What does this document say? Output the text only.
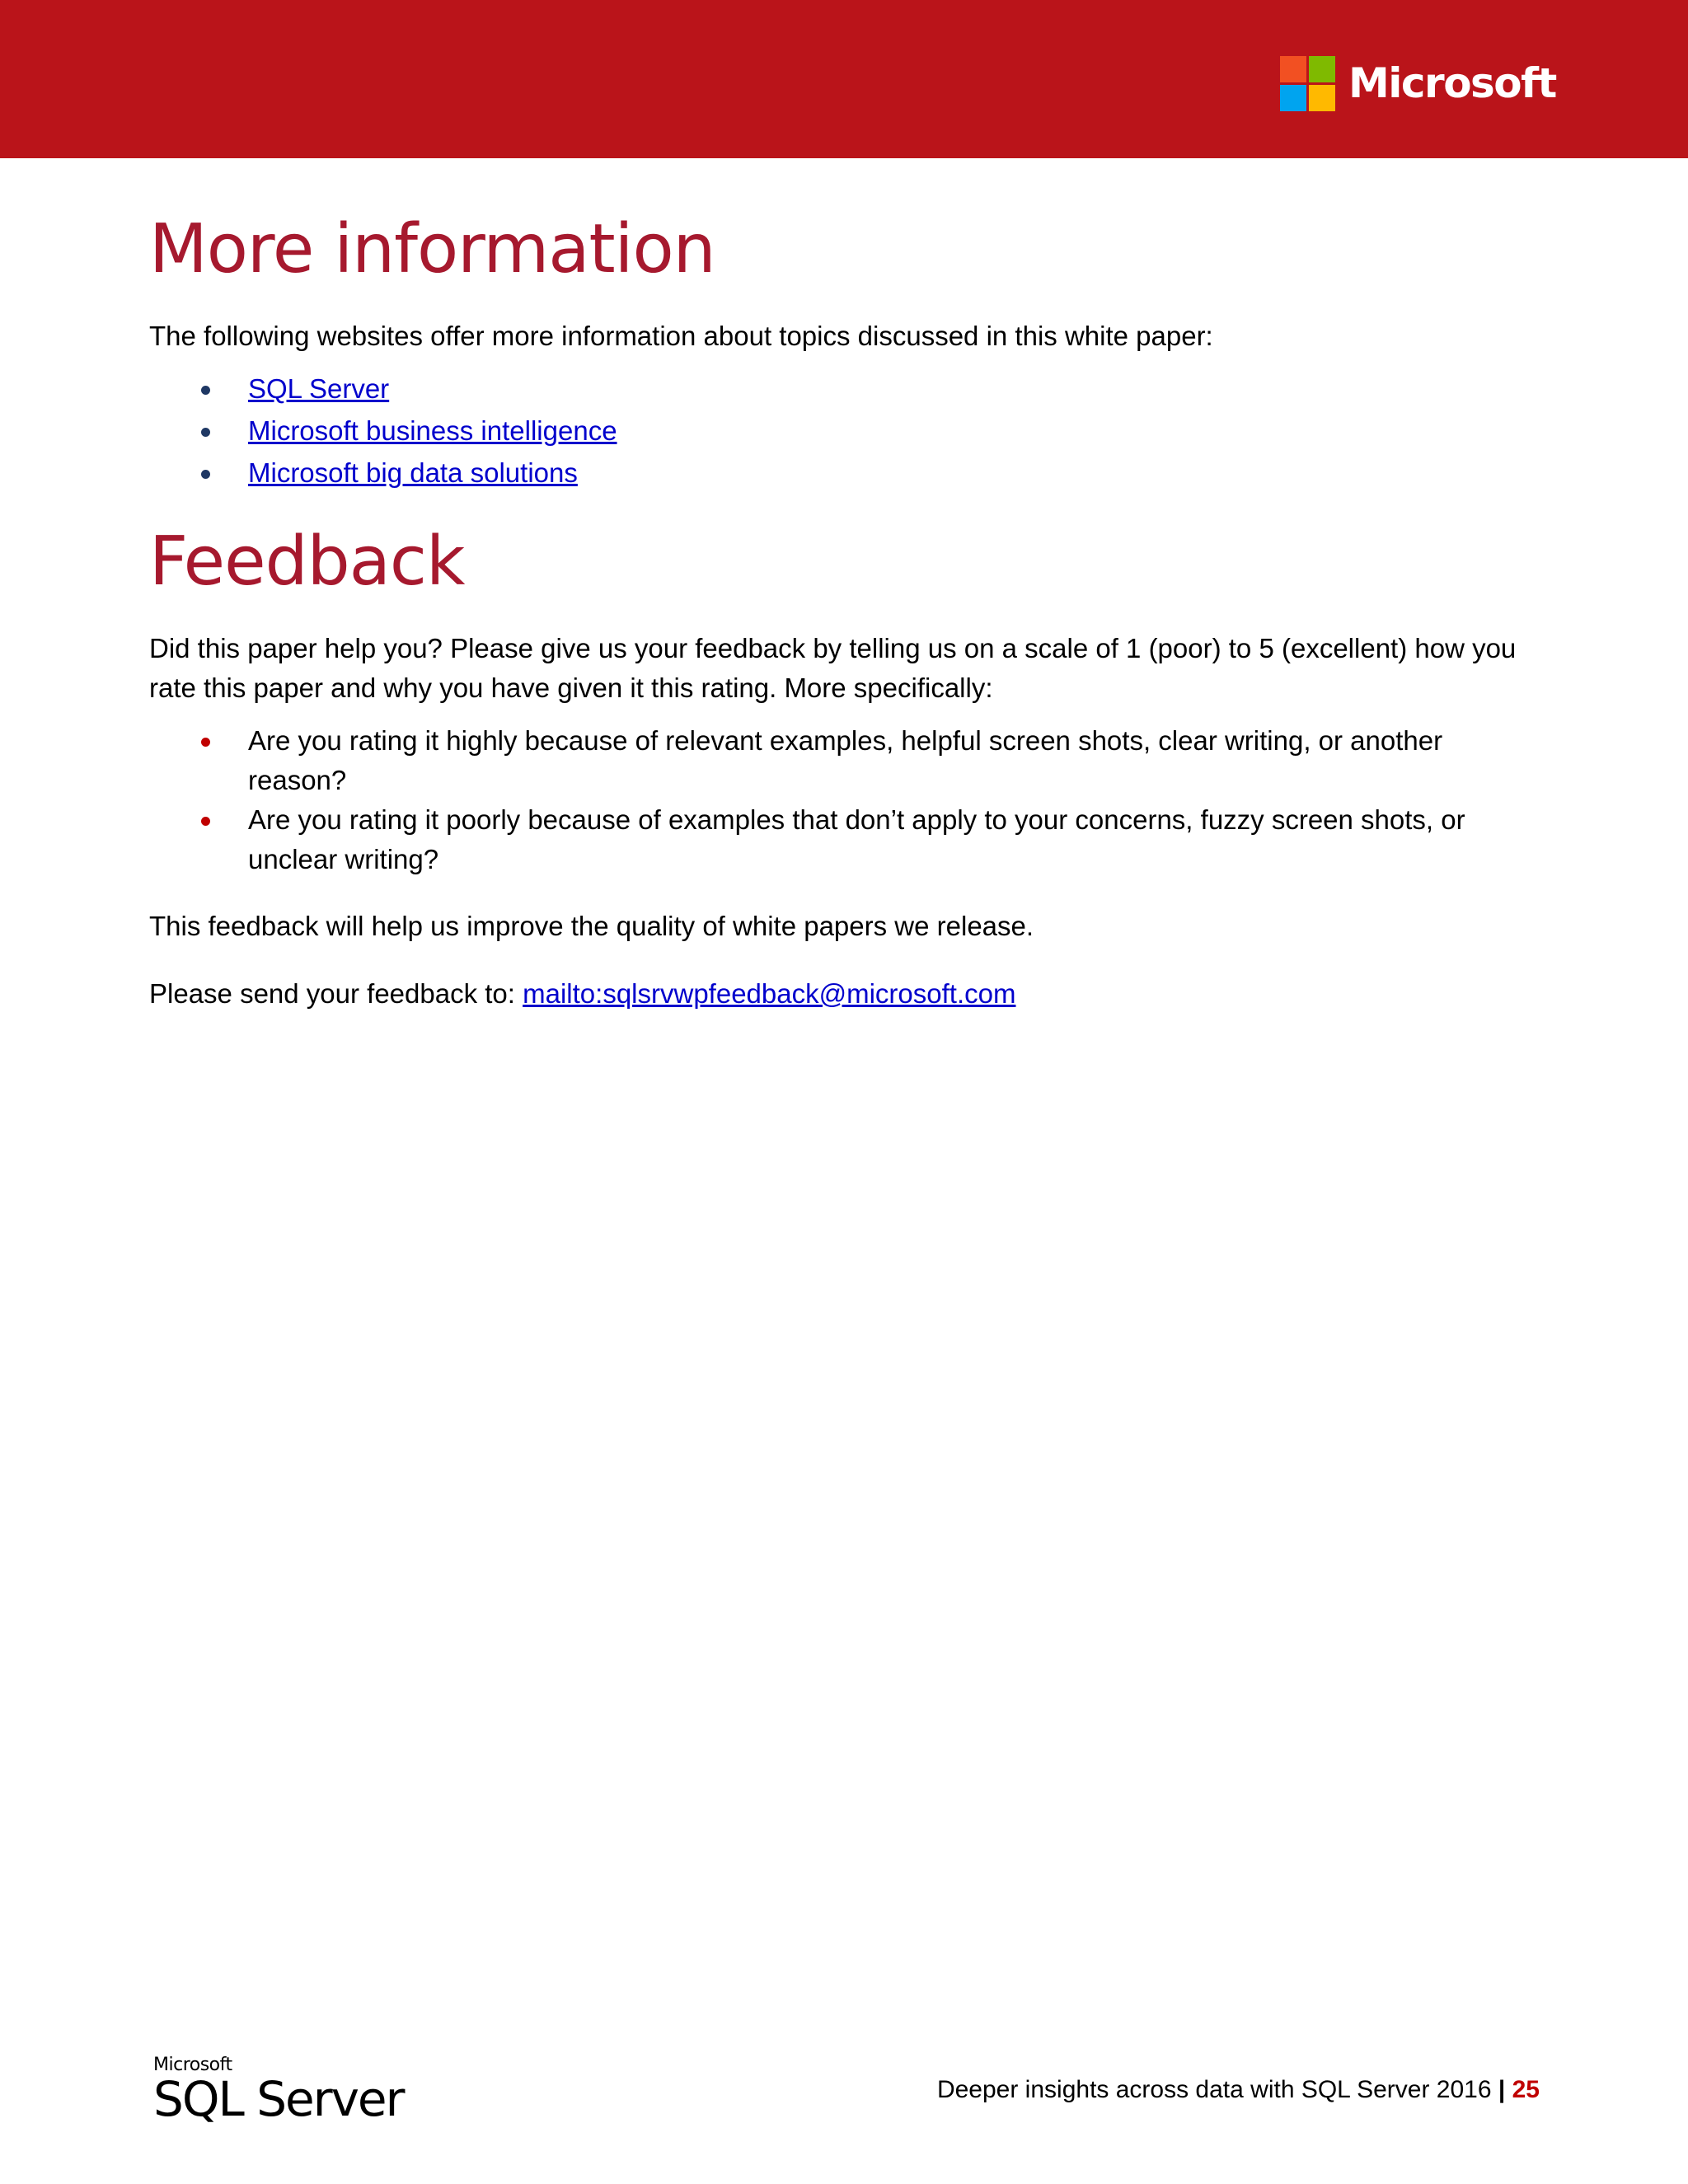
Microsoft
More information

The following websites offer more information about topics discussed in this white paper:

SQL Server
Microsoft business intelligence
Microsoft big data solutions
Feedback

Did this paper help you? Please give us your feedback by telling us on a scale of 1 (poor) to 5 (excellent) how you rate this paper and why you have given it this rating. More specifically:

Are you rating it highly because of relevant examples, helpful screen shots, clear writing, or another reason?
Are you rating it poorly because of examples that don’t apply to your concerns, fuzzy screen shots, or unclear writing?

This feedback will help us improve the quality of white papers we release.

Please send your feedback to: mailto:sqlsrvwpfeedback@microsoft.com

Microsoft
SQL Server	Deeper insights across data with SQL Server 2016 | 25
